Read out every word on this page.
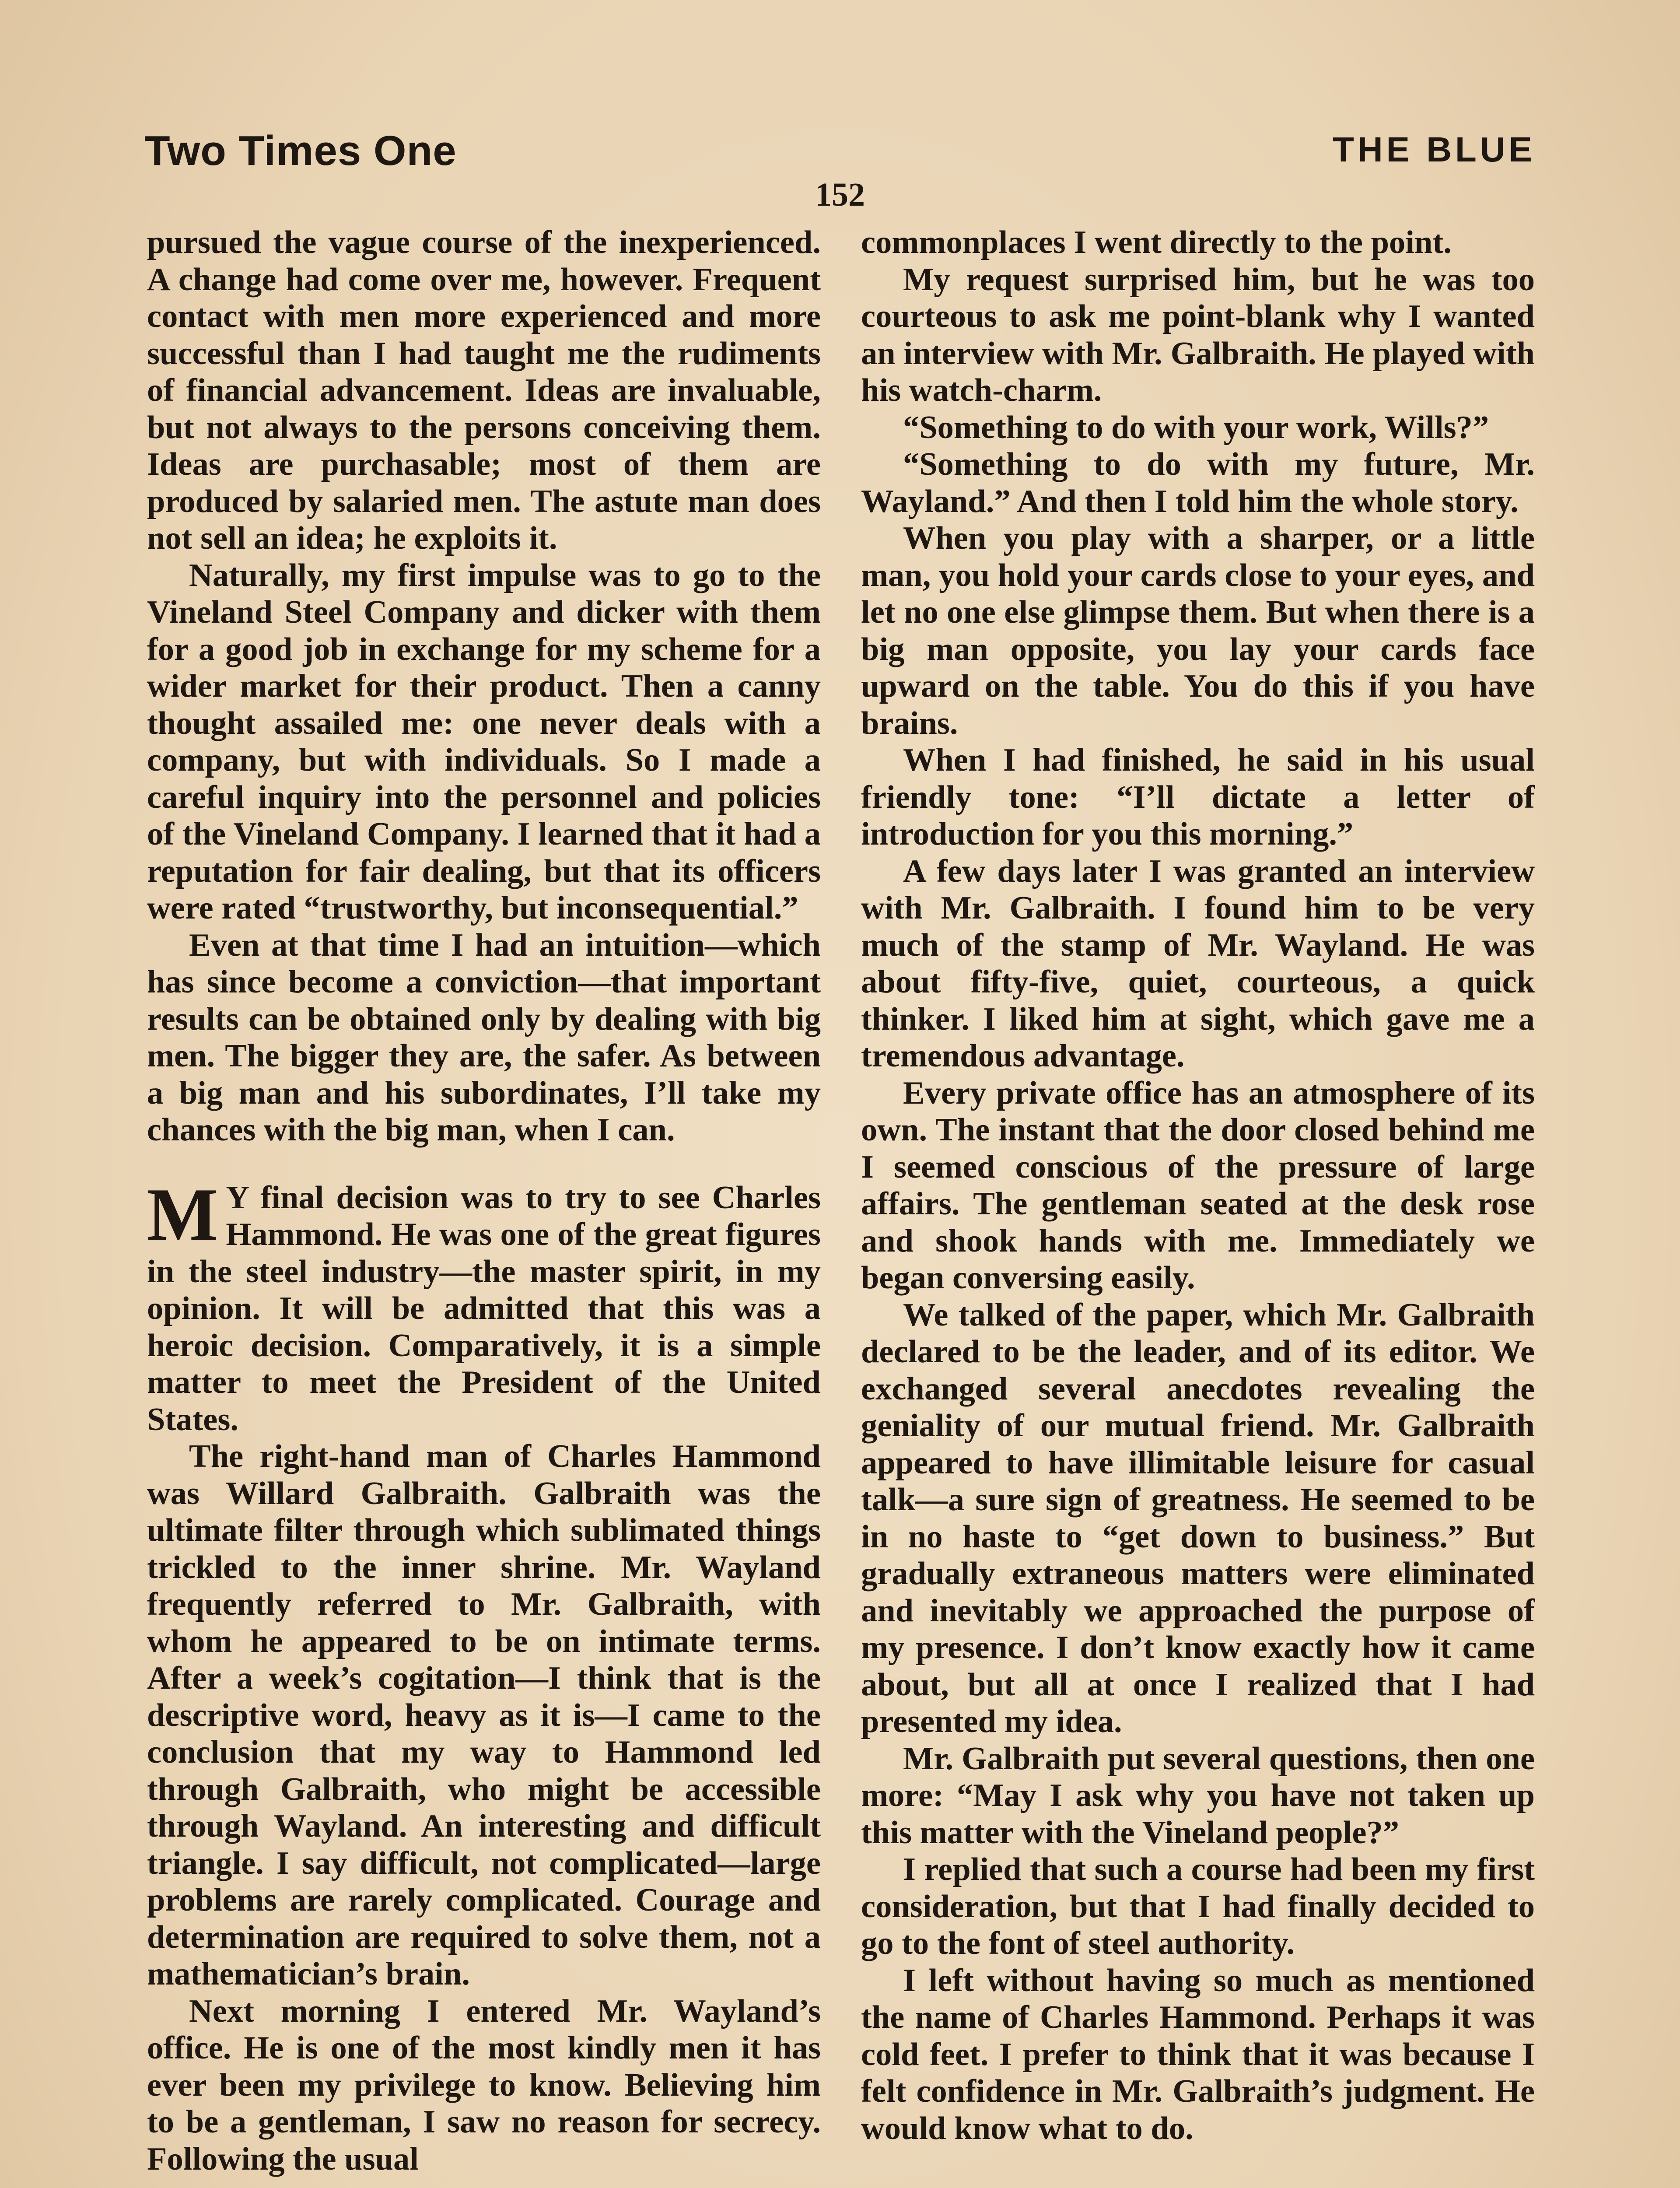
Two Times One	THE BLUE
152

pursued the vague course of the inexperienced. A change had come over me, however. Frequent contact with men more experienced and more successful than I had taught me the rudiments of financial advancement. Ideas are invaluable, but not always to the persons conceiving them. Ideas are purchasable; most of them are produced by salaried men. The astute man does not sell an idea; he exploits it.

Naturally, my first impulse was to go to the Vineland Steel Company and dicker with them for a good job in exchange for my scheme for a wider market for their product. Then a canny thought assailed me: one never deals with a company, but with individuals. So I made a careful inquiry into the personnel and policies of the Vineland Company. I learned that it had a reputation for fair dealing, but that its officers were rated “trustworthy, but inconsequential.”

Even at that time I had an intuition—which has since become a conviction—that important results can be obtained only by dealing with big men. The bigger they are, the safer. As between a big man and his subordinates, I’ll take my chances with the big man, when I can.

M Y final decision was to try to see Charles Hammond. He was one of the great figures in the steel industry—the master spirit, in my opinion. It will be admitted that this was a heroic decision. Comparatively, it is a simple matter to meet the President of the United States.

The right-hand man of Charles Hammond was Willard Galbraith. Galbraith was the ultimate filter through which sublimated things trickled to the inner shrine. Mr. Wayland frequently referred to Mr. Galbraith, with whom he appeared to be on intimate terms. After a week’s cogitation—I think that is the descriptive word, heavy as it is—I came to the conclusion that my way to Hammond led through Galbraith, who might be accessible through Wayland. An interesting and difficult triangle. I say difficult, not complicated—large problems are rarely complicated. Courage and determination are required to solve them, not a mathematician’s brain.

Next morning I entered Mr. Wayland’s office. He is one of the most kindly men it has ever been my privilege to know. Believing him to be a gentleman, I saw no reason for secrecy. Following the usual

commonplaces I went directly to the point.

My request surprised him, but he was too courteous to ask me point-blank why I wanted an interview with Mr. Galbraith. He played with his watch-charm.

“Something to do with your work, Wills?”

“Something to do with my future, Mr. Wayland.” And then I told him the whole story.

When you play with a sharper, or a little man, you hold your cards close to your eyes, and let no one else glimpse them. But when there is a big man opposite, you lay your cards face upward on the table. You do this if you have brains.

When I had finished, he said in his usual friendly tone: “I’ll dictate a letter of introduction for you this morning.”

A few days later I was granted an interview with Mr. Galbraith. I found him to be very much of the stamp of Mr. Wayland. He was about fifty-five, quiet, courteous, a quick thinker. I liked him at sight, which gave me a tremendous advantage.

Every private office has an atmosphere of its own. The instant that the door closed behind me I seemed conscious of the pressure of large affairs. The gentleman seated at the desk rose and shook hands with me. Immediately we began conversing easily.

We talked of the paper, which Mr. Galbraith declared to be the leader, and of its editor. We exchanged several anecdotes revealing the geniality of our mutual friend. Mr. Galbraith appeared to have illimitable leisure for casual talk—a sure sign of greatness. He seemed to be in no haste to “get down to business.” But gradually extraneous matters were eliminated and inevitably we approached the purpose of my presence. I don’t know exactly how it came about, but all at once I realized that I had presented my idea.

Mr. Galbraith put several questions, then one more: “May I ask why you have not taken up this matter with the Vineland people?”

I replied that such a course had been my first consideration, but that I had finally decided to go to the font of steel authority.

I left without having so much as mentioned the name of Charles Hammond. Perhaps it was cold feet. I prefer to think that it was because I felt confidence in Mr. Galbraith’s judgment. He would know what to do.
